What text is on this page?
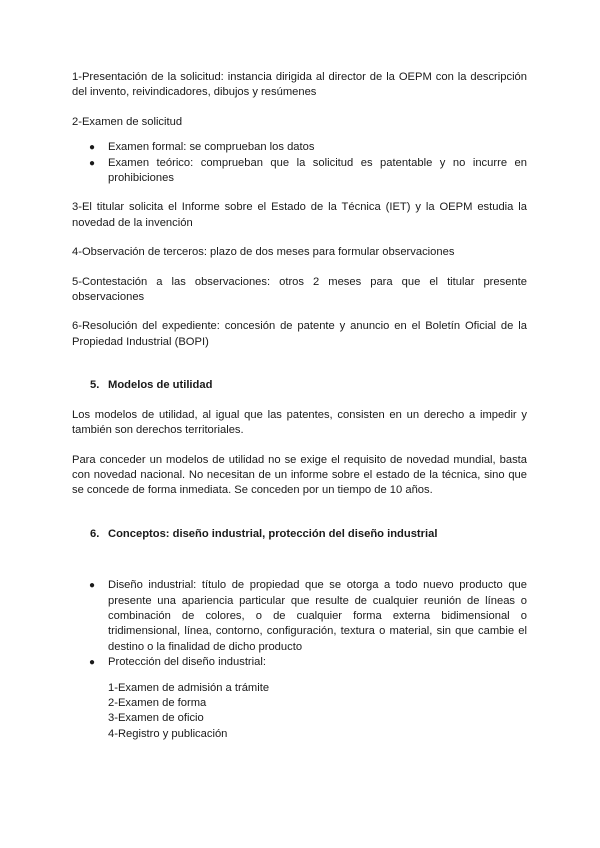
1-Presentación de la solicitud: instancia dirigida al director de la OEPM con la descripción del invento, reivindicadores, dibujos y resúmenes

2-Examen de solicitud

● Examen formal: se comprueban los datos
● Examen teórico: comprueban que la solicitud es patentable y no incurre en prohibiciones

3-El titular solicita el Informe sobre el Estado de la Técnica (IET) y la OEPM estudia la novedad de la invención

4-Observación de terceros: plazo de dos meses para formular observaciones

5-Contestación a las observaciones: otros 2 meses para que el titular presente observaciones

6-Resolución del expediente: concesión de patente y anuncio en el Boletín Oficial de la Propiedad Industrial (BOPI)

5. Modelos de utilidad

Los modelos de utilidad, al igual que las patentes, consisten en un derecho a impedir y también son derechos territoriales.

Para conceder un modelos de utilidad no se exige el requisito de novedad mundial, basta con novedad nacional. No necesitan de un informe sobre el estado de la técnica, sino que se concede de forma inmediata. Se conceden por un tiempo de 10 años.

6. Conceptos: diseño industrial, protección del diseño industrial

● Diseño industrial: título de propiedad que se otorga a todo nuevo producto que presente una apariencia particular que resulte de cualquier reunión de líneas o combinación de colores, o de cualquier forma externa bidimensional o tridimensional, línea, contorno, configuración, textura o material, sin que cambie el destino o la finalidad de dicho producto
● Protección del diseño industrial:
1-Examen de admisión a trámite
2-Examen de forma
3-Examen de oficio
4-Registro y publicación
